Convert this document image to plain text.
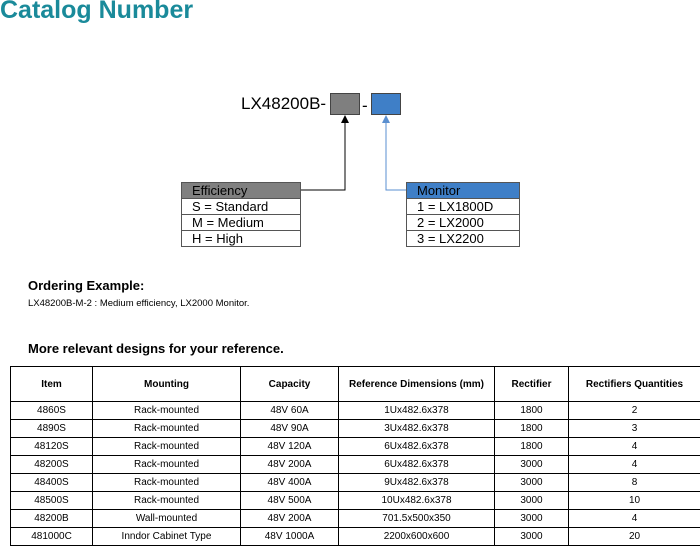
Catalog Number
LX48200B- -
Efficiency
S = Standard
M = Medium
H = High
Monitor
1 = LX1800D
2 = LX2000
3 = LX2200
Ordering Example:
LX48200B-M-2 : Medium efficiency, LX2000 Monitor.
More relevant designs for your reference.
Item	Mounting	Capacity	Reference Dimensions (mm)	Rectifier	Rectifiers Quantities
4860S	Rack-mounted	48V 60A	1Ux482.6x378	1800	2
4890S	Rack-mounted	48V 90A	3Ux482.6x378	1800	3
48120S	Rack-mounted	48V 120A	6Ux482.6x378	1800	4
48200S	Rack-mounted	48V 200A	6Ux482.6x378	3000	4
48400S	Rack-mounted	48V 400A	9Ux482.6x378	3000	8
48500S	Rack-mounted	48V 500A	10Ux482.6x378	3000	10
48200B	Wall-mounted	48V 200A	701.5x500x350	3000	4
481000C	Inndor Cabinet Type	48V 1000A	2200x600x600	3000	20
